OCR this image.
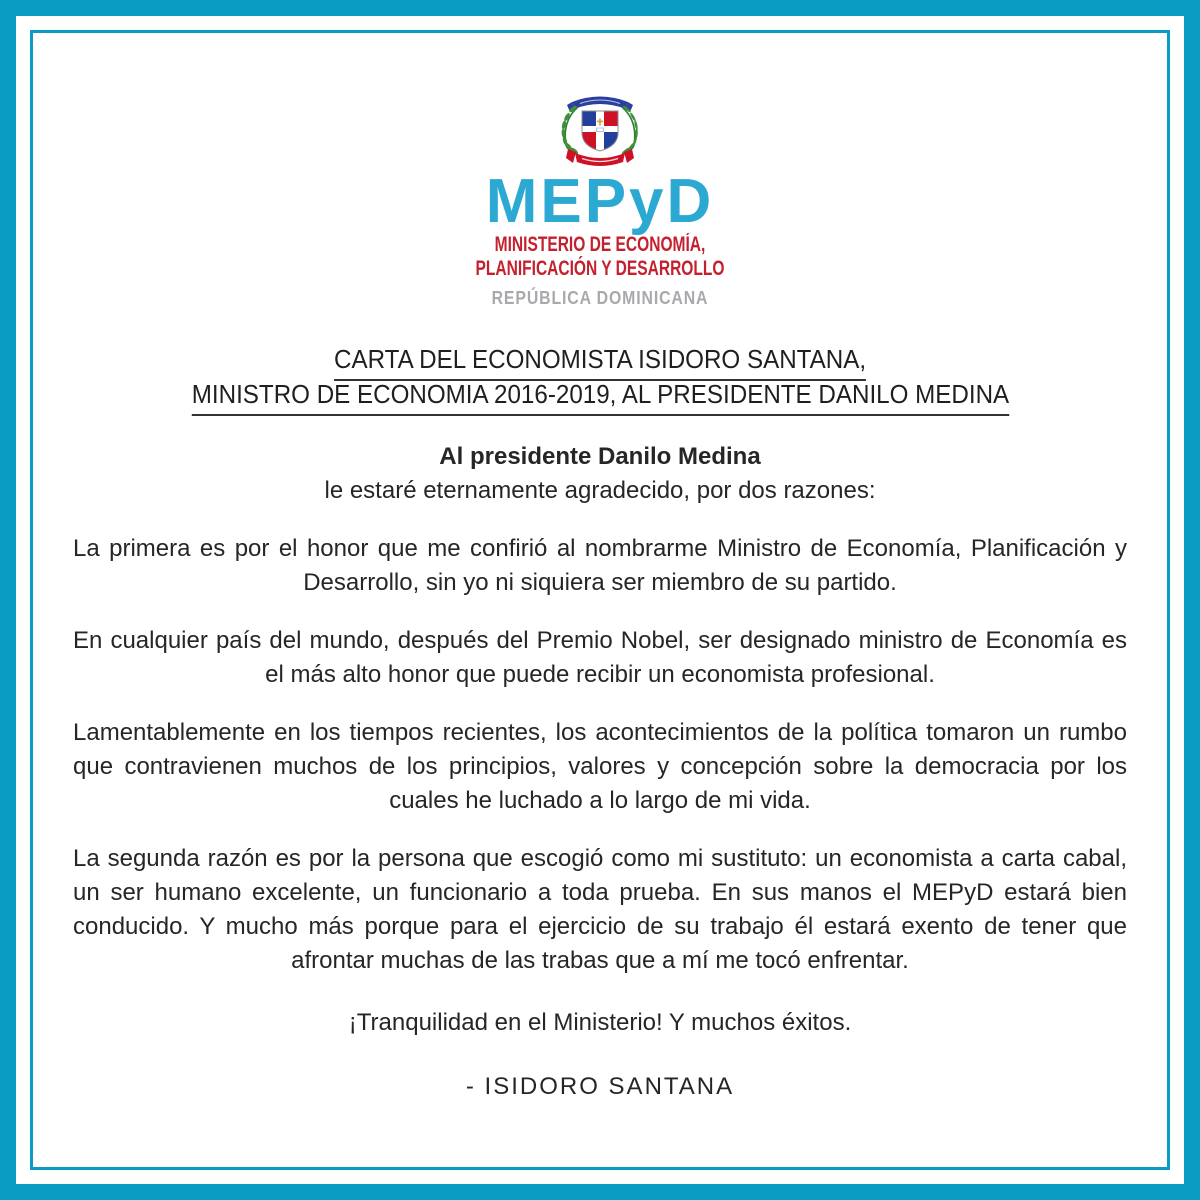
MEPyD
MINISTERIO DE ECONOMÍA,
PLANIFICACIÓN Y DESARROLLO
REPÚBLICA DOMINICANA
CARTA DEL ECONOMISTA ISIDORO SANTANA,
MINISTRO DE ECONOMIA 2016-2019, AL PRESIDENTE DANILO MEDINA

Al presidente Danilo Medina
le estaré eternamente agradecido, por dos razones:

La primera es por el honor que me confirió al nombrarme Ministro de Economía, Planificación y Desarrollo, sin yo ni siquiera ser miembro de su partido.

En cualquier país del mundo, después del Premio Nobel, ser designado ministro de Economía es el más alto honor que puede recibir un economista profesional.

Lamentablemente en los tiempos recientes, los acontecimientos de la política tomaron un rumbo que contravienen muchos de los principios, valores y concepción sobre la democracia por los cuales he luchado a lo largo de mi vida.

La segunda razón es por la persona que escogió como mi sustituto: un economista a carta cabal, un ser humano excelente, un funcionario a toda prueba. En sus manos el MEPyD estará bien conducido. Y mucho más porque para el ejercicio de su trabajo él estará exento de tener que afrontar muchas de las trabas que a mí me tocó enfrentar.

¡Tranquilidad en el Ministerio! Y muchos éxitos.

- ISIDORO SANTANA
